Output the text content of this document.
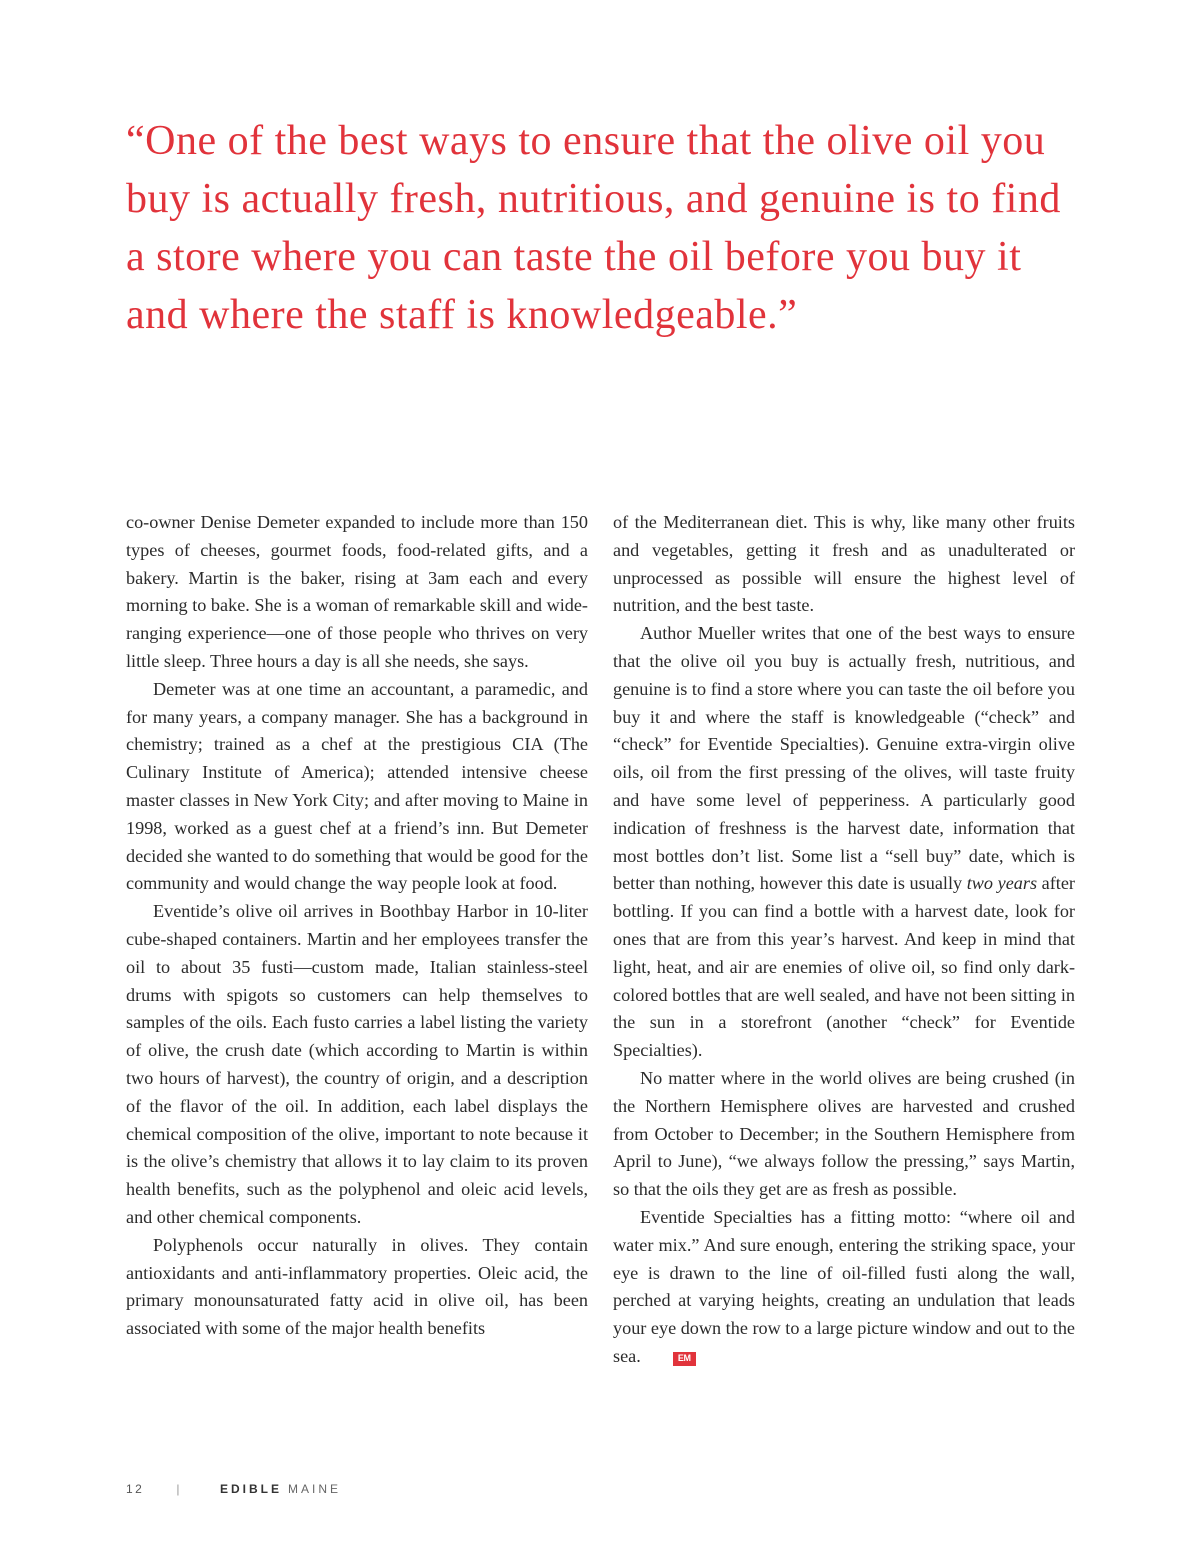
“One of the best ways to ensure that the olive oil you buy is actually fresh, nutritious, and genuine is to find a store where you can taste the oil before you buy it and where the staff is knowledgeable.”

co-owner Denise Demeter expanded to include more than 150 types of cheeses, gourmet foods, food-related gifts, and a bakery. Martin is the baker, rising at 3am each and every morning to bake. She is a woman of remarkable skill and wide-ranging experience—one of those people who thrives on very little sleep. Three hours a day is all she needs, she says.

Demeter was at one time an accountant, a paramedic, and for many years, a company manager. She has a background in chemistry; trained as a chef at the prestigious CIA (The Culinary Institute of America); attended intensive cheese master classes in New York City; and after moving to Maine in 1998, worked as a guest chef at a friend’s inn. But Demeter decided she wanted to do something that would be good for the community and would change the way people look at food.

Eventide’s olive oil arrives in Boothbay Harbor in 10-liter cube-shaped containers. Martin and her employees transfer the oil to about 35 fusti—custom made, Italian stainless-steel drums with spigots so customers can help themselves to samples of the oils. Each fusto carries a label listing the variety of olive, the crush date (which according to Martin is within two hours of harvest), the country of origin, and a description of the flavor of the oil. In addition, each label displays the chemical composition of the olive, important to note because it is the olive’s chemistry that allows it to lay claim to its proven health benefits, such as the polyphenol and oleic acid levels, and other chemical components.

Polyphenols occur naturally in olives. They contain antioxidants and anti-inflammatory properties. Oleic acid, the primary monounsaturated fatty acid in olive oil, has been associated with some of the major health benefits

of the Mediterranean diet. This is why, like many other fruits and vegetables, getting it fresh and as unadulterated or unprocessed as possible will ensure the highest level of nutrition, and the best taste.

Author Mueller writes that one of the best ways to ensure that the olive oil you buy is actually fresh, nutritious, and genuine is to find a store where you can taste the oil before you buy it and where the staff is knowledgeable (“check” and “check” for Eventide Specialties). Genuine extra-virgin olive oils, oil from the first pressing of the olives, will taste fruity and have some level of pepperiness. A particularly good indication of freshness is the harvest date, information that most bottles don’t list. Some list a “sell buy” date, which is better than nothing, however this date is usually two years after bottling. If you can find a bottle with a harvest date, look for ones that are from this year’s harvest. And keep in mind that light, heat, and air are enemies of olive oil, so find only dark-colored bottles that are well sealed, and have not been sitting in the sun in a storefront (another “check” for Eventide Specialties).

No matter where in the world olives are being crushed (in the Northern Hemisphere olives are harvested and crushed from October to December; in the Southern Hemisphere from April to June), “we always follow the pressing,” says Martin, so that the oils they get are as fresh as possible.

Eventide Specialties has a fitting motto: “where oil and water mix.” And sure enough, entering the striking space, your eye is drawn to the line of oil-filled fusti along the wall, perched at varying heights, creating an undulation that leads your eye down the row to a large picture window and out to the sea.	EM

12	|	EDIBLE MAINE
